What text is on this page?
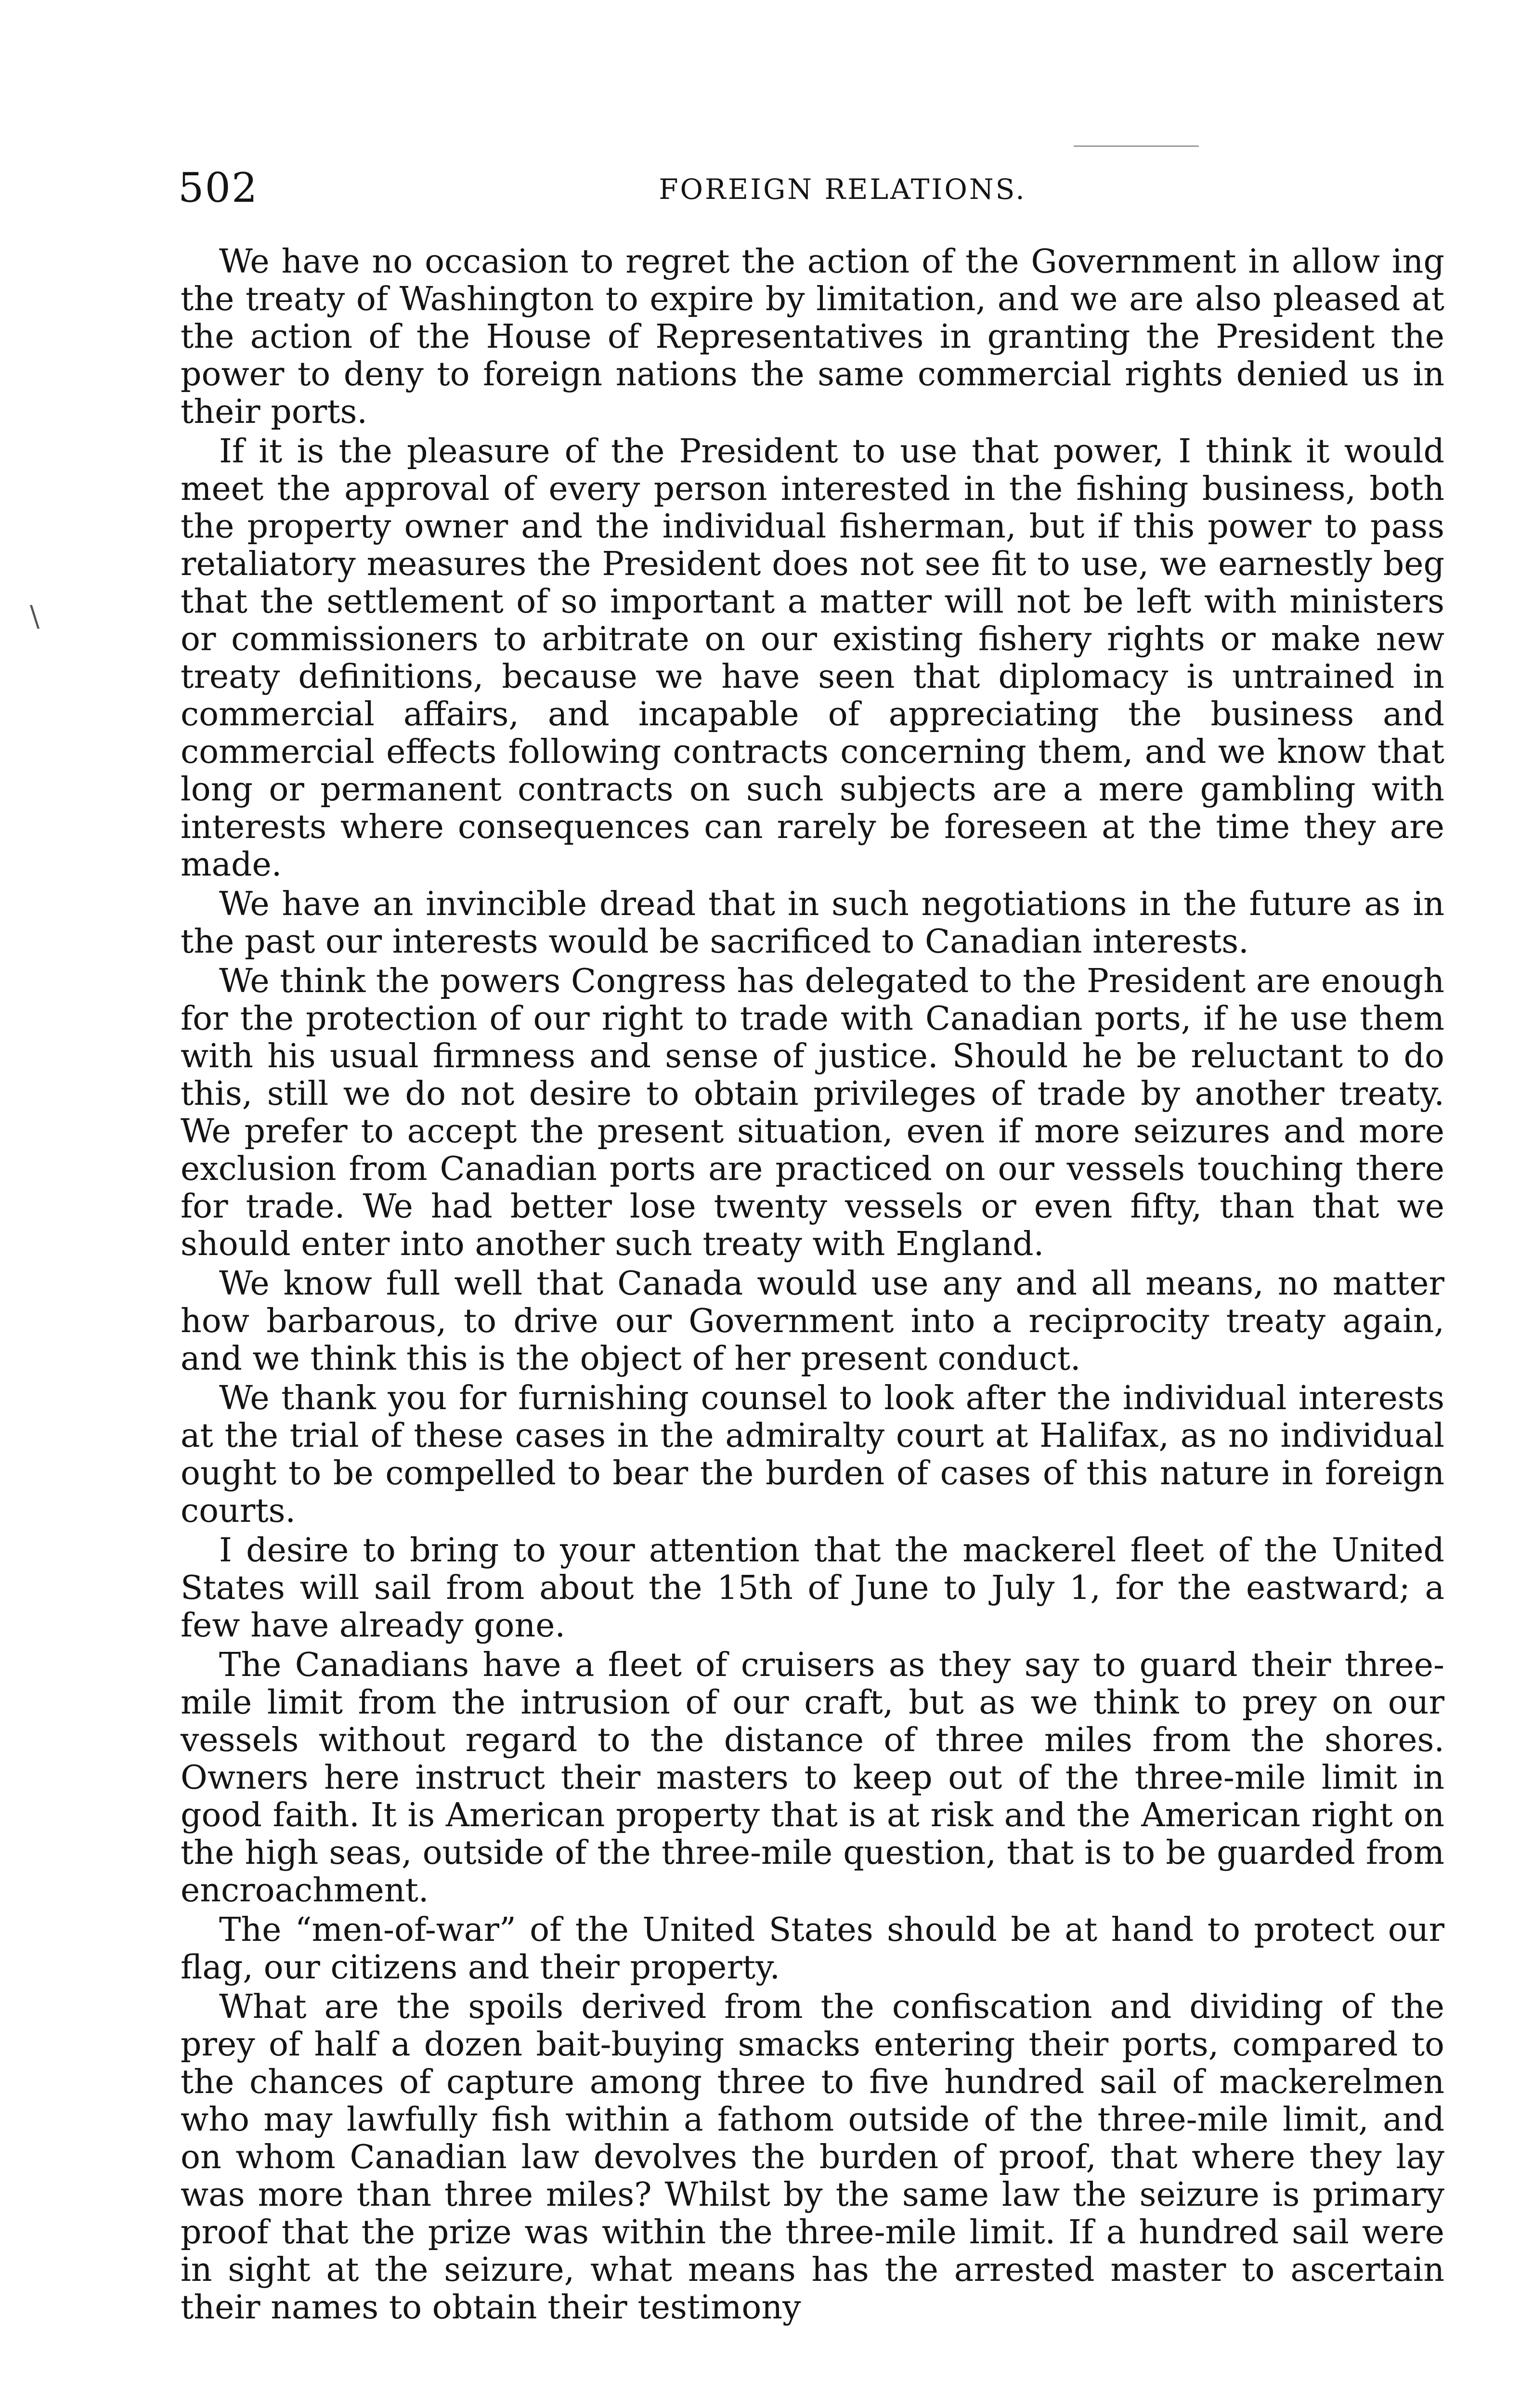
502	FOREIGN RELATIONS.
\

We have no occasion to regret the action of the Government in allow ing the treaty of Washington to expire by limitation, and we are also pleased at the action of the House of Representatives in granting the President the power to deny to foreign nations the same commercial rights denied us in their ports.

If it is the pleasure of the President to use that power, I think it would meet the approval of every person interested in the fishing business, both the property owner and the individual fisherman, but if this power to pass retaliatory measures the President does not see fit to use, we earnestly beg that the settlement of so important a matter will not be left with ministers or commissioners to arbitrate on our existing fishery rights or make new treaty definitions, because we have seen that diplomacy is untrained in commercial affairs, and incapable of appreciating the business and commercial effects following contracts concerning them, and we know that long or permanent contracts on such subjects are a mere gambling with interests where consequences can rarely be foreseen at the time they are made.

We have an invincible dread that in such negotiations in the future as in the past our interests would be sacrificed to Canadian interests.

We think the powers Congress has delegated to the President are enough for the protection of our right to trade with Canadian ports, if he use them with his usual firmness and sense of justice. Should he be reluctant to do this, still we do not desire to obtain privileges of trade by another treaty. We prefer to accept the present situation, even if more seizures and more exclusion from Canadian ports are practiced on our vessels touching there for trade. We had better lose twenty vessels or even fifty, than that we should enter into another such treaty with England.

We know full well that Canada would use any and all means, no matter how barbarous, to drive our Government into a reciprocity treaty again, and we think this is the object of her present conduct.

We thank you for furnishing counsel to look after the individual interests at the trial of these cases in the admiralty court at Halifax, as no individual ought to be compelled to bear the burden of cases of this nature in foreign courts.

I desire to bring to your attention that the mackerel fleet of the United States will sail from about the 15th of June to July 1, for the eastward; a few have already gone.

The Canadians have a fleet of cruisers as they say to guard their three-mile limit from the intrusion of our craft, but as we think to prey on our vessels without regard to the distance of three miles from the shores. Owners here instruct their masters to keep out of the three-mile limit in good faith. It is American property that is at risk and the American right on the high seas, outside of the three-mile question, that is to be guarded from encroachment.

The “men-of-war” of the United States should be at hand to protect our flag, our citizens and their property.

What are the spoils derived from the confiscation and dividing of the prey of half a dozen bait-buying smacks entering their ports, compared to the chances of capture among three to five hundred sail of mackerelmen who may lawfully fish within a fathom outside of the three-mile limit, and on whom Canadian law devolves the burden of proof, that where they lay was more than three miles? Whilst by the same law the seizure is primary proof that the prize was within the three-mile limit. If a hundred sail were in sight at the seizure, what means has the arrested master to ascertain their names to obtain their testimony
